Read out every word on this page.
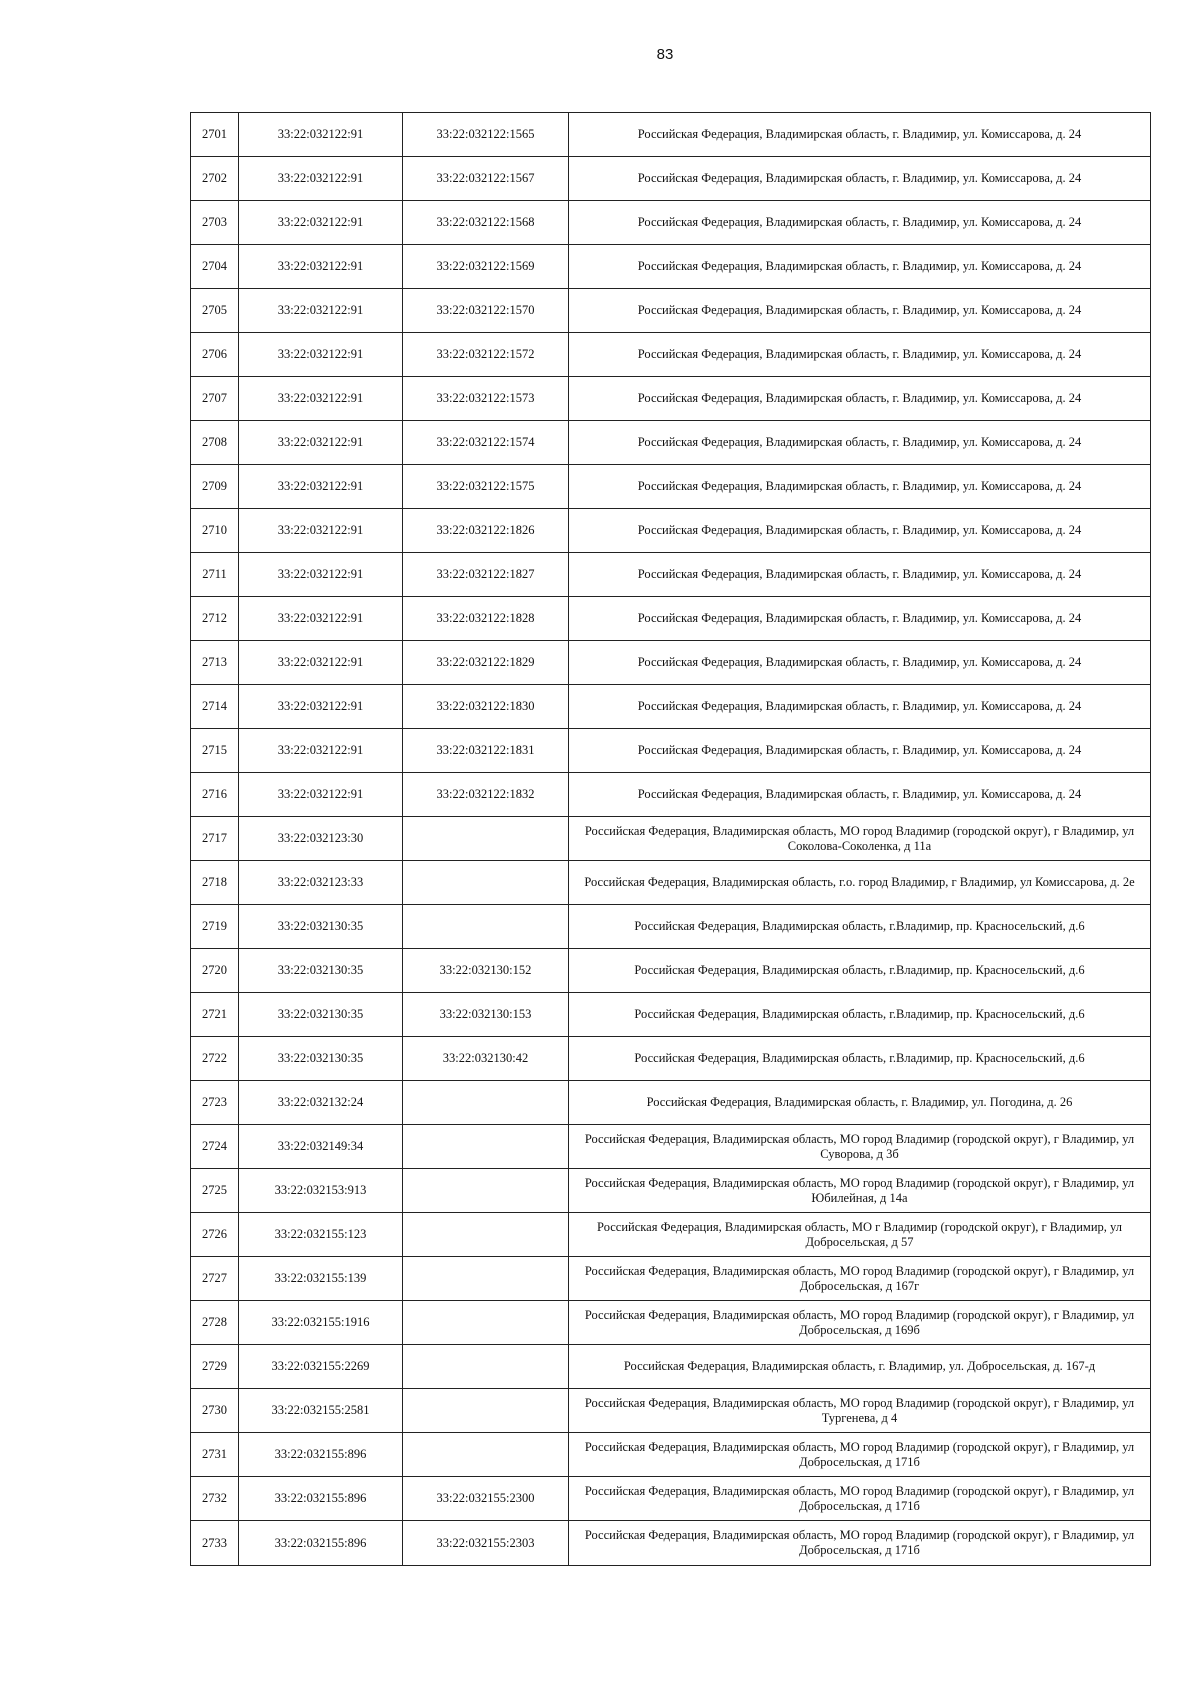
83
2701	33:22:032122:91	33:22:032122:1565	Российская Федерация, Владимирская область, г. Владимир, ул. Комиссарова, д. 24
2702	33:22:032122:91	33:22:032122:1567	Российская Федерация, Владимирская область, г. Владимир, ул. Комиссарова, д. 24
2703	33:22:032122:91	33:22:032122:1568	Российская Федерация, Владимирская область, г. Владимир, ул. Комиссарова, д. 24
2704	33:22:032122:91	33:22:032122:1569	Российская Федерация, Владимирская область, г. Владимир, ул. Комиссарова, д. 24
2705	33:22:032122:91	33:22:032122:1570	Российская Федерация, Владимирская область, г. Владимир, ул. Комиссарова, д. 24
2706	33:22:032122:91	33:22:032122:1572	Российская Федерация, Владимирская область, г. Владимир, ул. Комиссарова, д. 24
2707	33:22:032122:91	33:22:032122:1573	Российская Федерация, Владимирская область, г. Владимир, ул. Комиссарова, д. 24
2708	33:22:032122:91	33:22:032122:1574	Российская Федерация, Владимирская область, г. Владимир, ул. Комиссарова, д. 24
2709	33:22:032122:91	33:22:032122:1575	Российская Федерация, Владимирская область, г. Владимир, ул. Комиссарова, д. 24
2710	33:22:032122:91	33:22:032122:1826	Российская Федерация, Владимирская область, г. Владимир, ул. Комиссарова, д. 24
2711	33:22:032122:91	33:22:032122:1827	Российская Федерация, Владимирская область, г. Владимир, ул. Комиссарова, д. 24
2712	33:22:032122:91	33:22:032122:1828	Российская Федерация, Владимирская область, г. Владимир, ул. Комиссарова, д. 24
2713	33:22:032122:91	33:22:032122:1829	Российская Федерация, Владимирская область, г. Владимир, ул. Комиссарова, д. 24
2714	33:22:032122:91	33:22:032122:1830	Российская Федерация, Владимирская область, г. Владимир, ул. Комиссарова, д. 24
2715	33:22:032122:91	33:22:032122:1831	Российская Федерация, Владимирская область, г. Владимир, ул. Комиссарова, д. 24
2716	33:22:032122:91	33:22:032122:1832	Российская Федерация, Владимирская область, г. Владимир, ул. Комиссарова, д. 24
2717	33:22:032123:30		Российская Федерация, Владимирская область, МО город Владимир (городской округ), г Владимир, ул Соколова-Соколенка, д 11а
2718	33:22:032123:33		Российская Федерация, Владимирская область, г.о. город Владимир, г Владимир, ул Комиссарова, д. 2е
2719	33:22:032130:35		Российская Федерация, Владимирская область, г.Владимир, пр. Красносельский, д.6
2720	33:22:032130:35	33:22:032130:152	Российская Федерация, Владимирская область, г.Владимир, пр. Красносельский, д.6
2721	33:22:032130:35	33:22:032130:153	Российская Федерация, Владимирская область, г.Владимир, пр. Красносельский, д.6
2722	33:22:032130:35	33:22:032130:42	Российская Федерация, Владимирская область, г.Владимир, пр. Красносельский, д.6
2723	33:22:032132:24		Российская Федерация, Владимирская область, г. Владимир, ул. Погодина, д. 26
2724	33:22:032149:34		Российская Федерация, Владимирская область, МО город Владимир (городской округ), г Владимир, ул Суворова, д 3б
2725	33:22:032153:913		Российская Федерация, Владимирская область, МО город Владимир (городской округ), г Владимир, ул Юбилейная, д 14а
2726	33:22:032155:123		Российская Федерация, Владимирская область, МО г Владимир (городской округ), г Владимир, ул Добросельская, д 57
2727	33:22:032155:139		Российская Федерация, Владимирская область, МО город Владимир (городской округ), г Владимир, ул Добросельская, д 167г
2728	33:22:032155:1916		Российская Федерация, Владимирская область, МО город Владимир (городской округ), г Владимир, ул Добросельская, д 169б
2729	33:22:032155:2269		Российская Федерация, Владимирская область, г. Владимир, ул. Добросельская, д. 167-д
2730	33:22:032155:2581		Российская Федерация, Владимирская область, МО город Владимир (городской округ), г Владимир, ул Тургенева, д 4
2731	33:22:032155:896		Российская Федерация, Владимирская область, МО город Владимир (городской округ), г Владимир, ул Добросельская, д 171б
2732	33:22:032155:896	33:22:032155:2300	Российская Федерация, Владимирская область, МО город Владимир (городской округ), г Владимир, ул Добросельская, д 171б
2733	33:22:032155:896	33:22:032155:2303	Российская Федерация, Владимирская область, МО город Владимир (городской округ), г Владимир, ул Добросельская, д 171б
